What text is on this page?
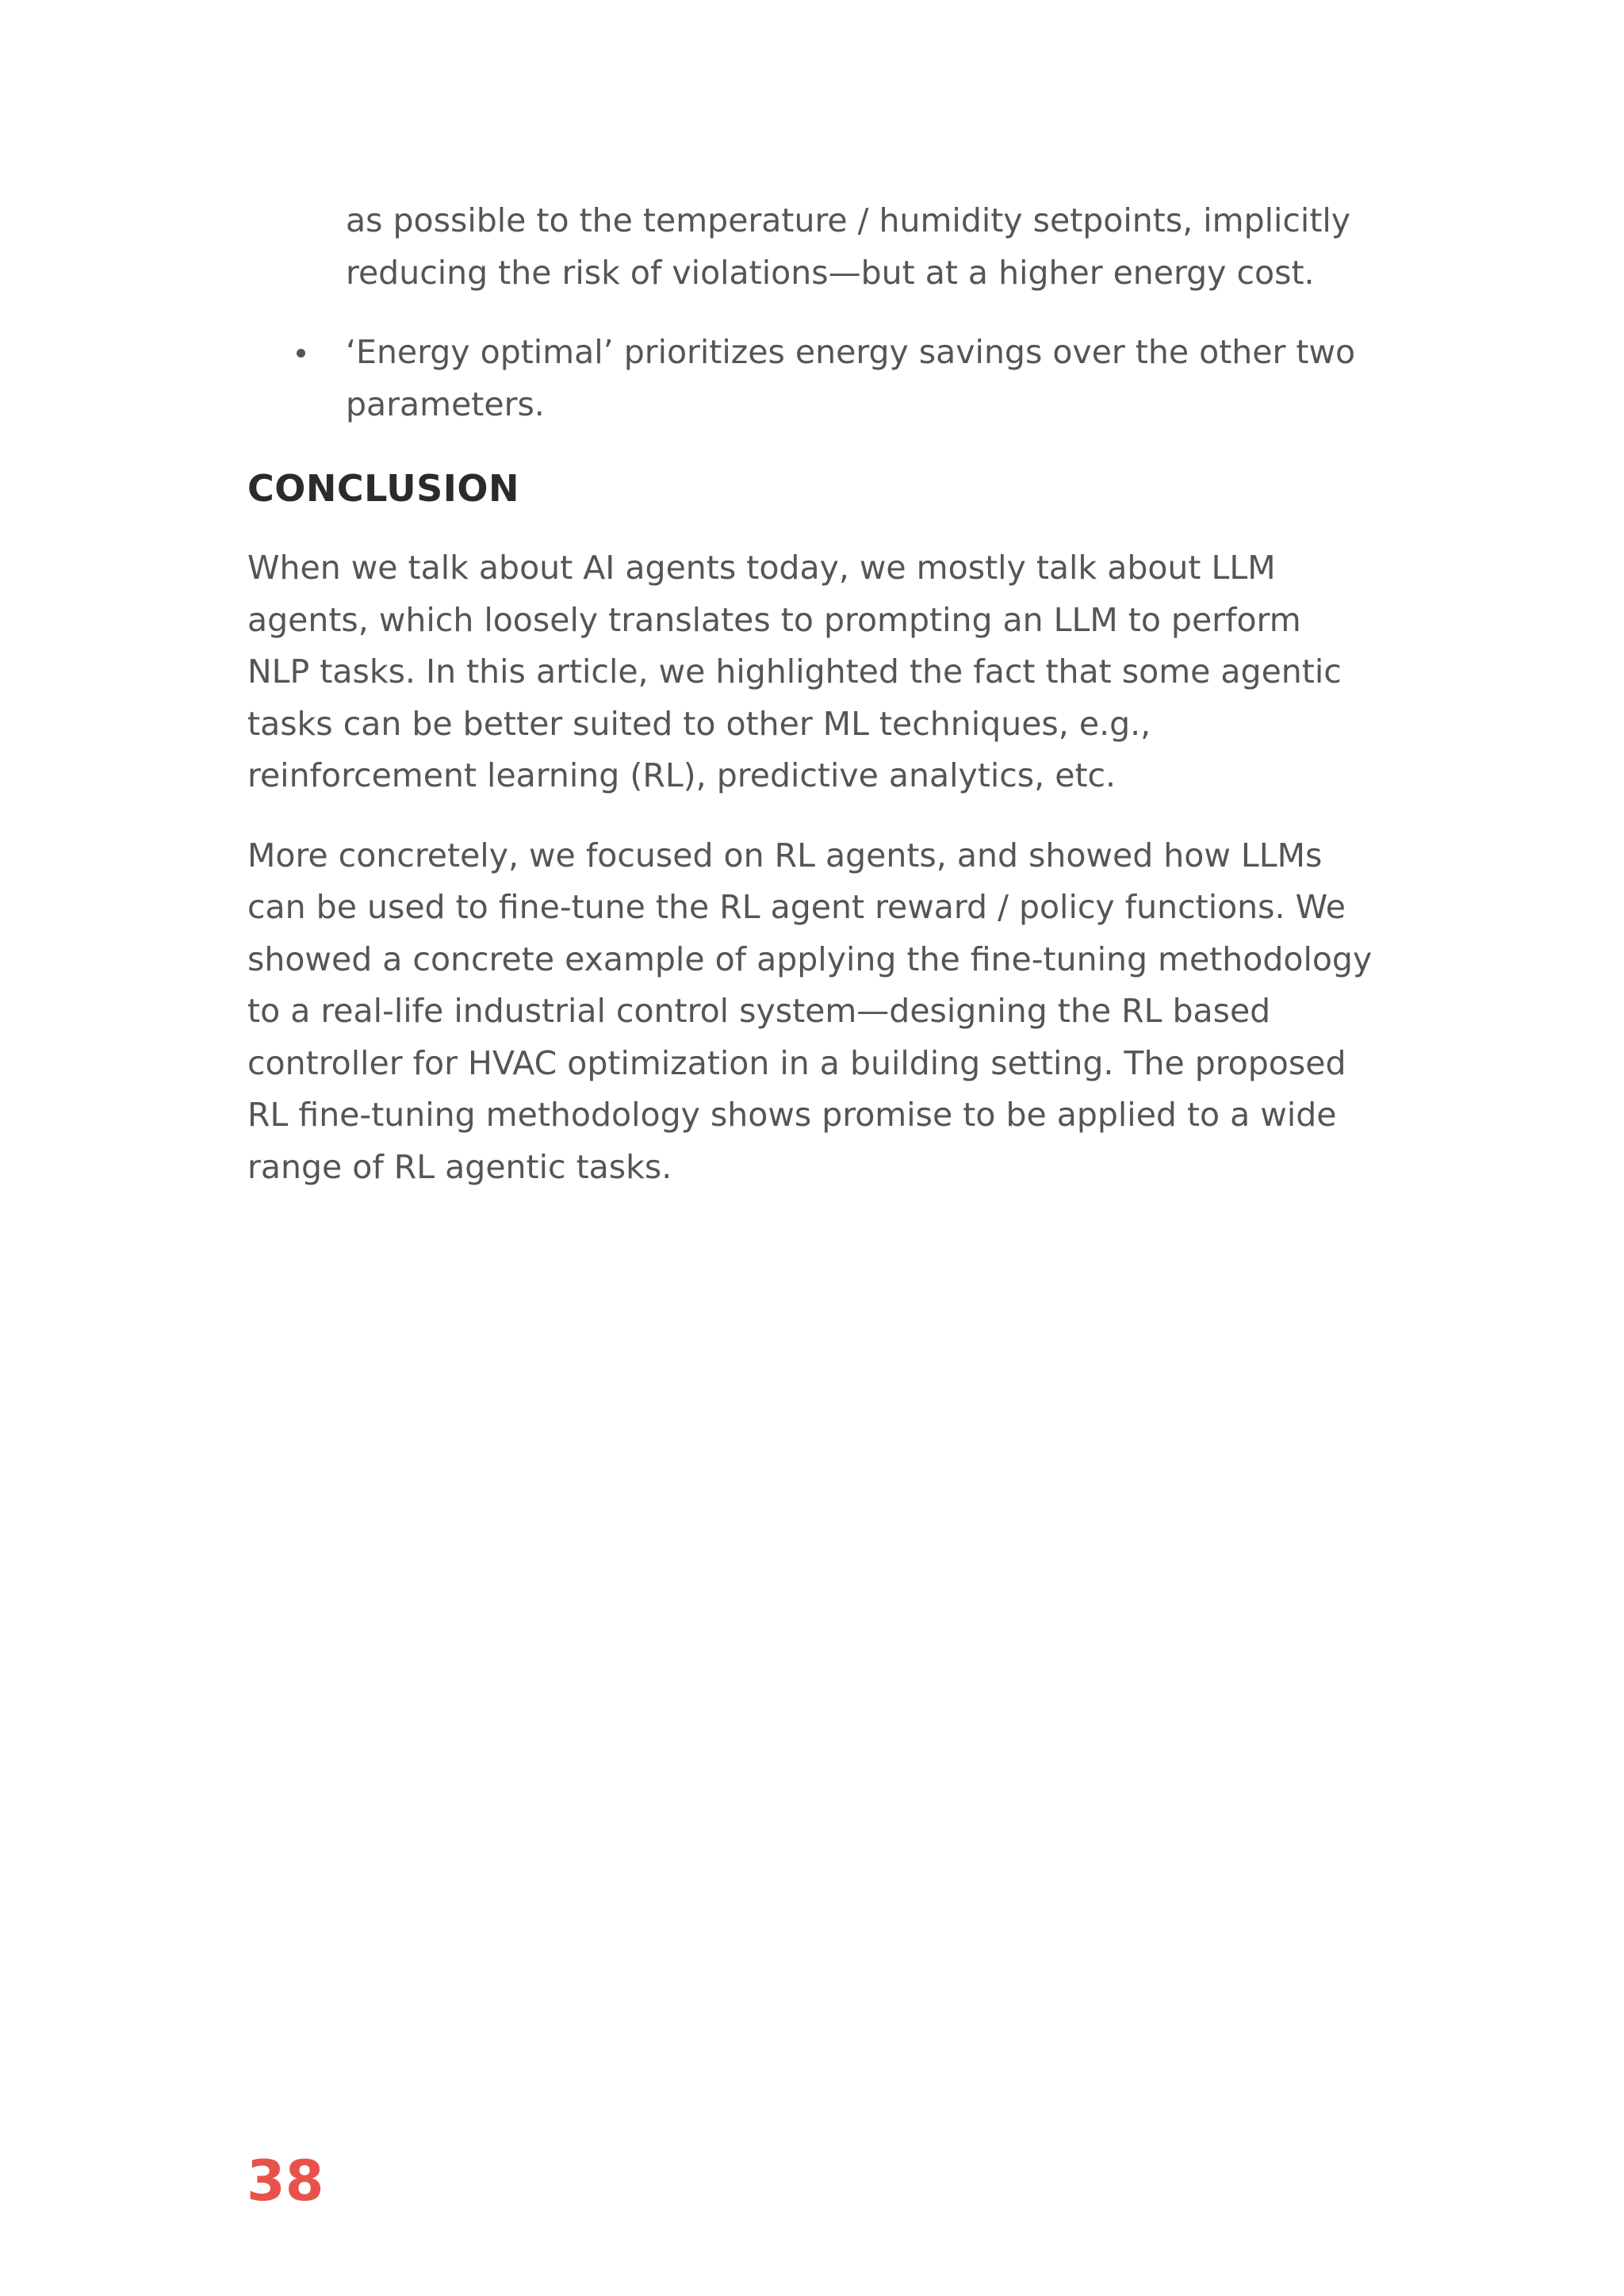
as possible to the temperature / humidity setpoints, implicitly
reducing the risk of violations—but at a higher energy cost.
‘Energy optimal’ prioritizes energy savings over the other two
parameters.
CONCLUSION
When we talk about AI agents today, we mostly talk about LLM
agents, which loosely translates to prompting an LLM to perform
NLP tasks. In this article, we highlighted the fact that some agentic
tasks can be better suited to other ML techniques, e.g.,
reinforcement learning (RL), predictive analytics, etc.
More concretely, we focused on RL agents, and showed how LLMs
can be used to fine-tune the RL agent reward / policy functions. We
showed a concrete example of applying the fine-tuning methodology
to a real-life industrial control system—designing the RL based
controller for HVAC optimization in a building setting. The proposed
RL fine-tuning methodology shows promise to be applied to a wide
range of RL agentic tasks.
38
